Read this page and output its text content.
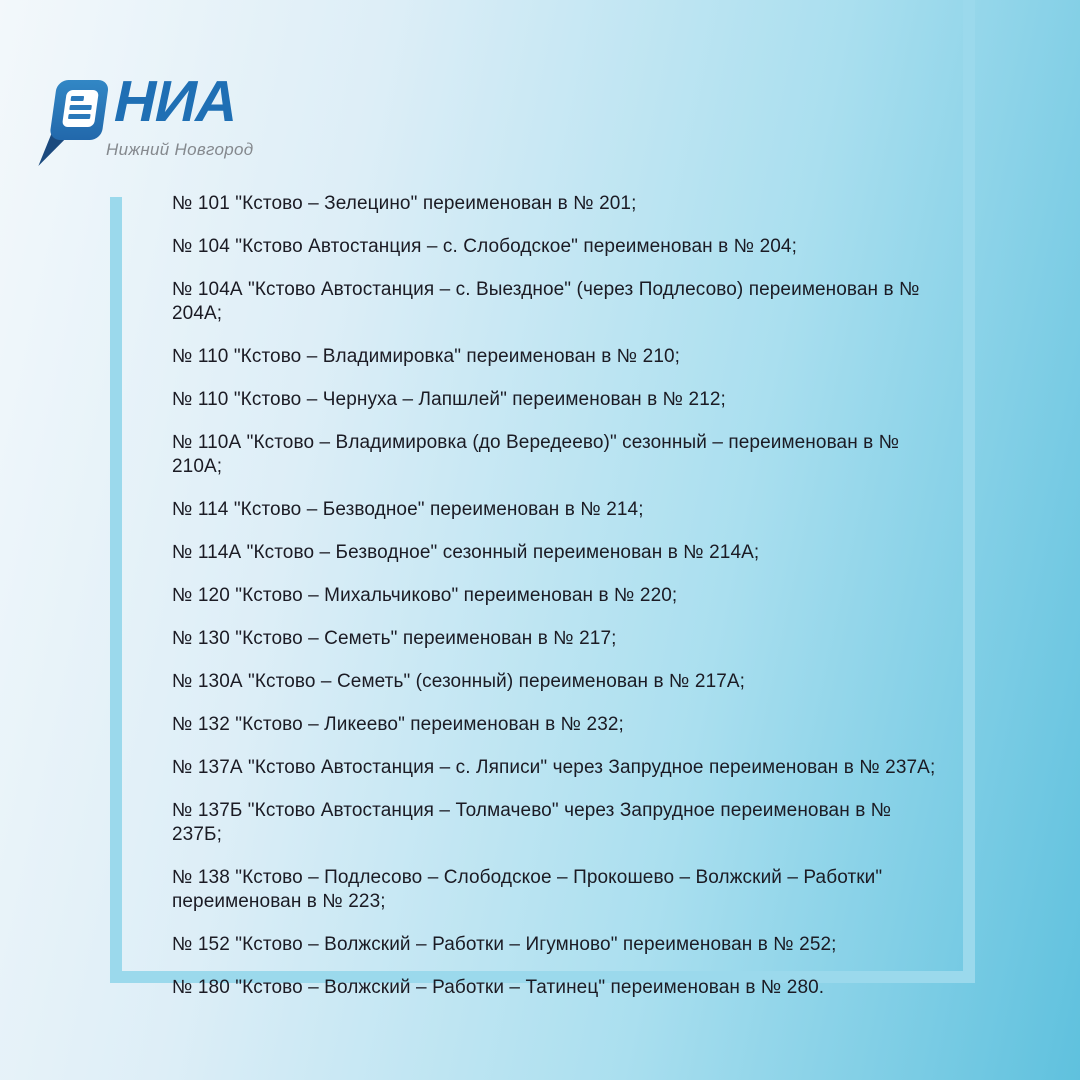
НИА
Нижний Новгород

№ 101 "Кстово – Зелецино" переименован в № 201;

№ 104 "Кстово Автостанция – с. Слободское" переименован в № 204;

№ 104А "Кстово Автостанция – с. Выездное" (через Подлесово) переименован в №
204А;

№ 110 "Кстово – Владимировка" переименован в № 210;

№ 110 "Кстово – Чернуха – Лапшлей" переименован в № 212;

№ 110А "Кстово – Владимировка (до Вередеево)" сезонный – переименован в № 210А;

№ 114 "Кстово – Безводное" переименован в № 214;

№ 114А "Кстово – Безводное" сезонный переименован в № 214А;

№ 120 "Кстово – Михальчиково" переименован в № 220;

№ 130 "Кстово – Семеть" переименован в № 217;

№ 130А "Кстово – Семеть" (сезонный) переименован в № 217А;

№ 132 "Кстово – Ликеево" переименован в № 232;

№ 137А "Кстово Автостанция – с. Ляписи" через Запрудное переименован в № 237А;

№ 137Б "Кстово Автостанция – Толмачево" через Запрудное переименован в № 237Б;

№ 138 "Кстово – Подлесово – Слободское – Прокошево – Волжский – Работки"
переименован в № 223;

№ 152 "Кстово – Волжский – Работки – Игумново" переименован в № 252;

№ 180 "Кстово – Волжский – Работки – Татинец" переименован в № 280.
